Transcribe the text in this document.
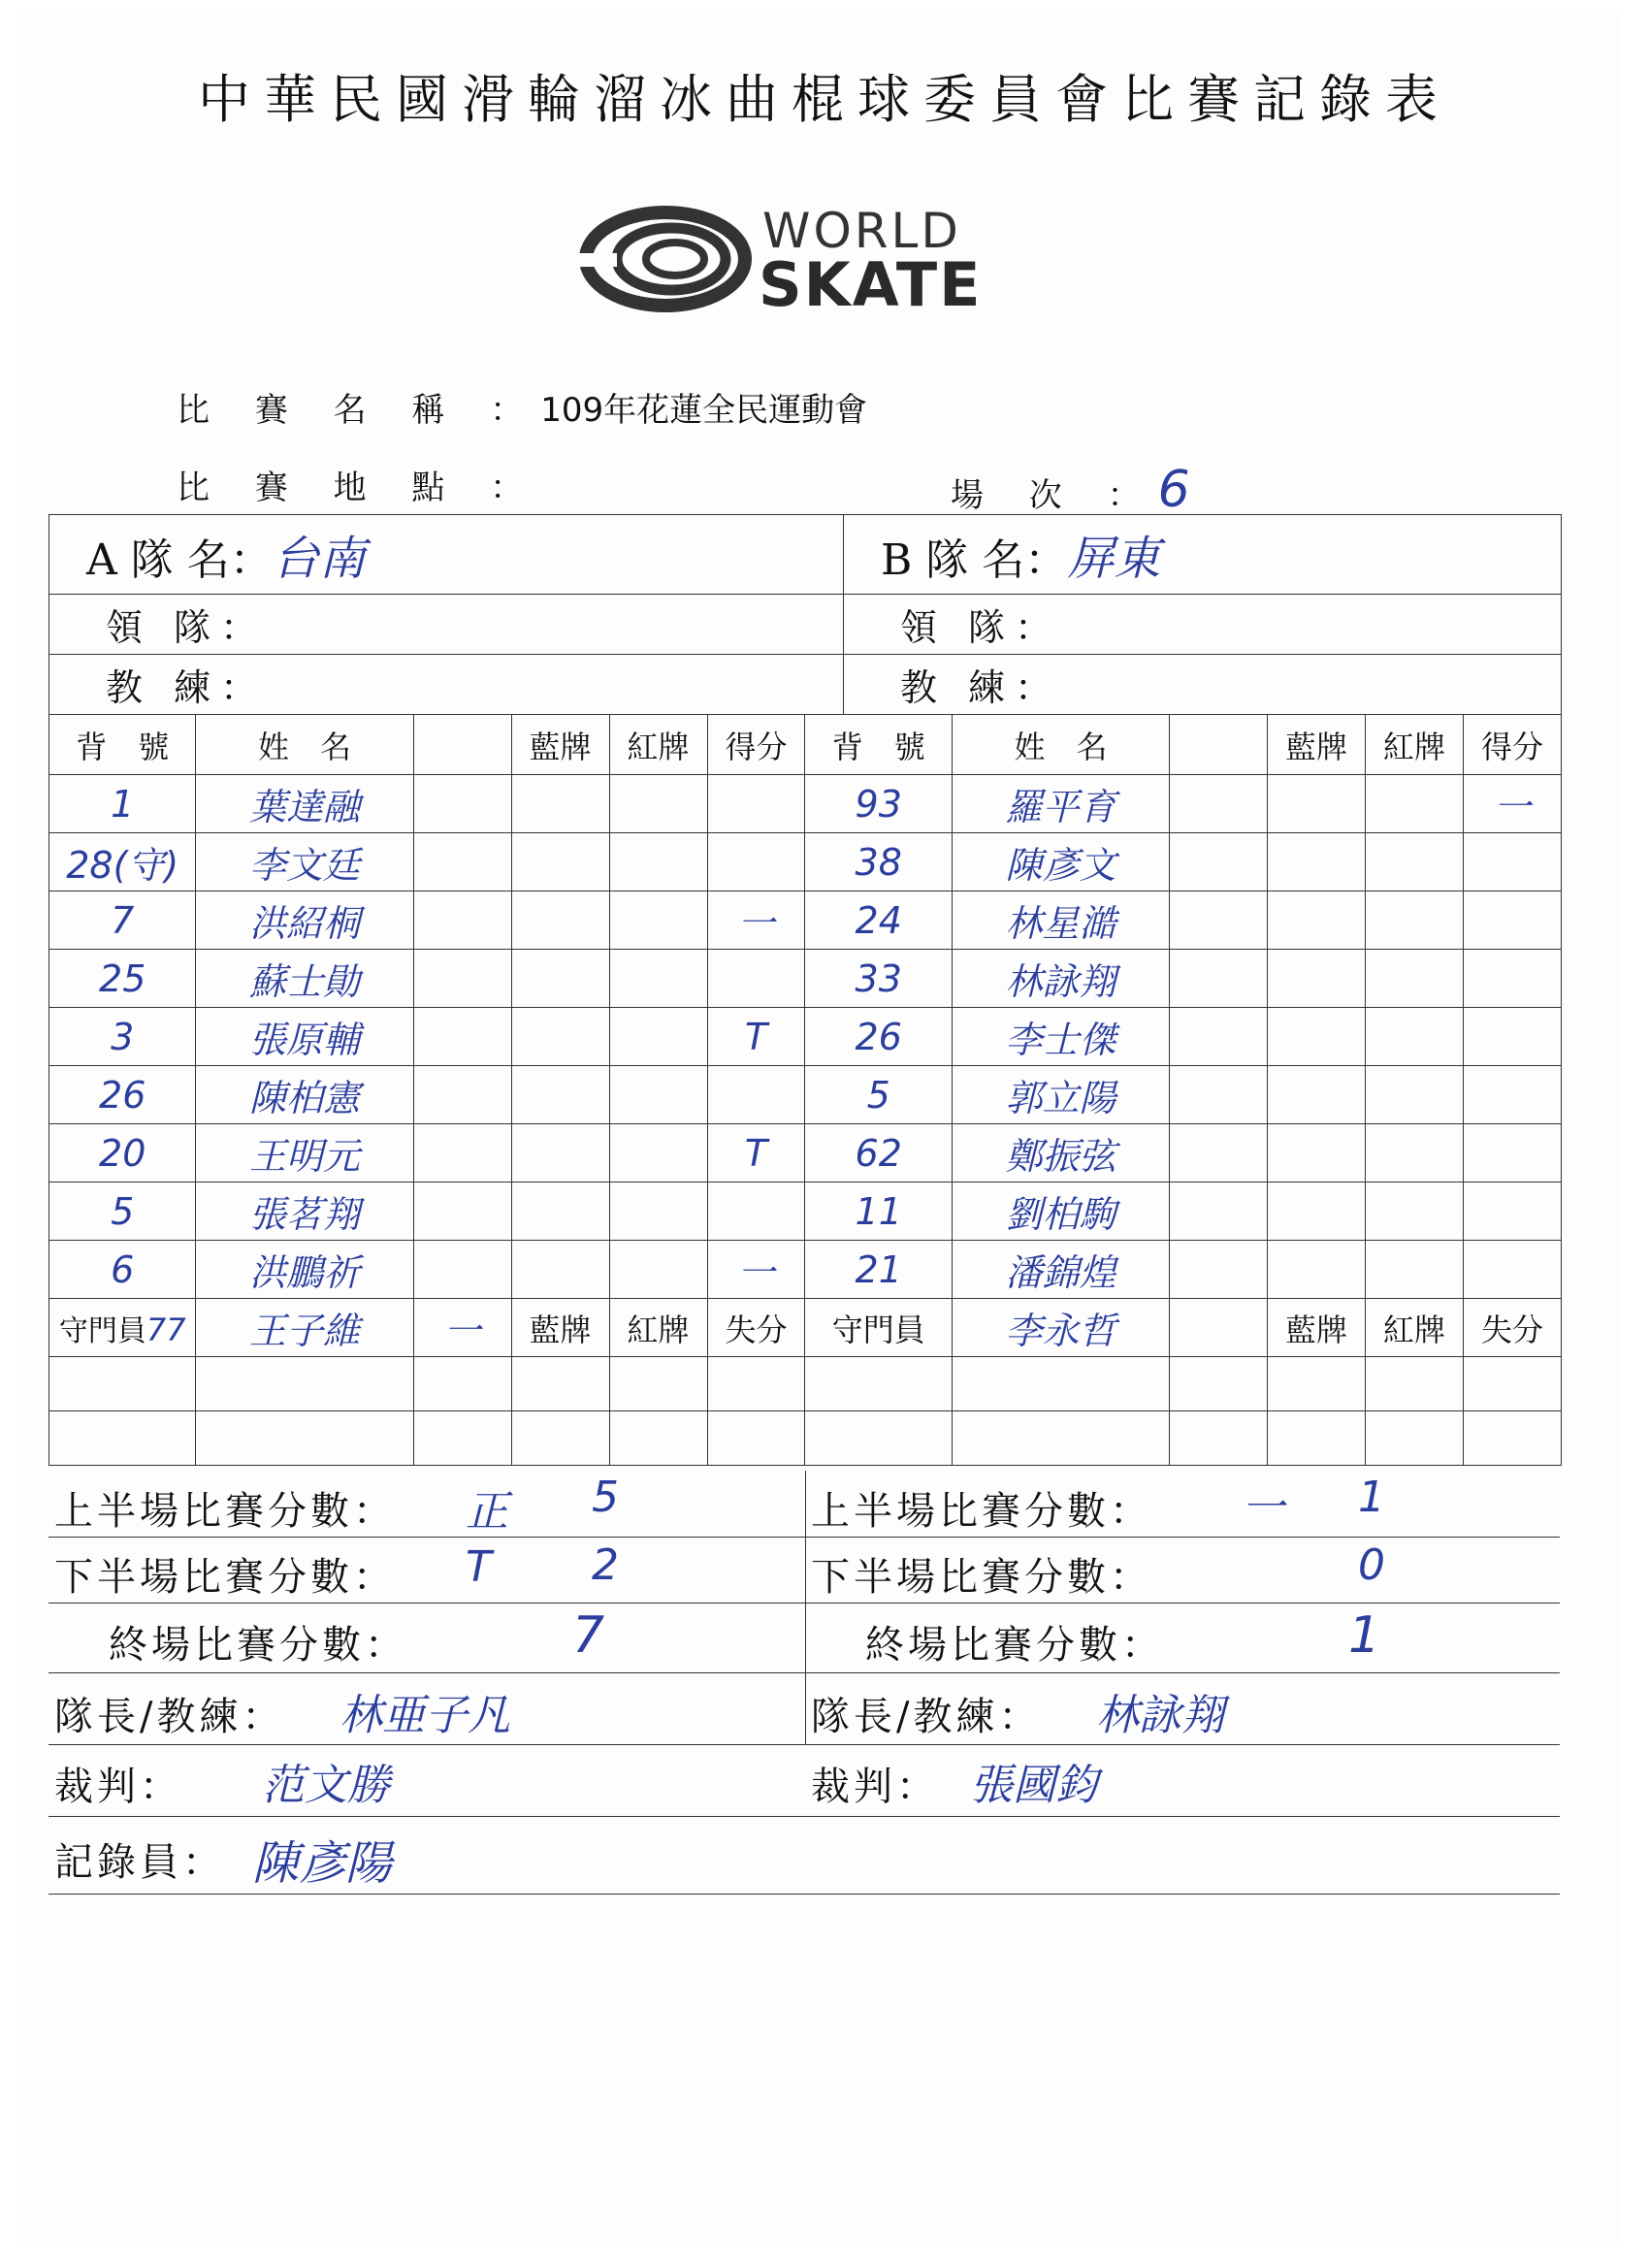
中華民國滑輪溜冰曲棍球委員會比賽記錄表
WORLD
SKATE
比 賽 名 稱 ：109年花蓮全民運動會
比 賽 地 點 ：	場 次 ：6
A 隊 名：台南	B 隊 名：屏東
領 隊：	領 隊：
教 練：	教 練：
背　號	姓　名		藍牌	紅牌	得分	背　號	姓　名		藍牌	紅牌	得分
1	葉達融					93	羅平育				一
28(守)	李文廷					38	陳彥文				
7	洪紹桐				一	24	林星澔				
25	蘇士勛					33	林詠翔				
3	張原輔				T	26	李士傑				
26	陳柏憲					5	郭立陽				
20	王明元				T	62	鄭振弦				
5	張茗翔					11	劉柏駒				
6	洪鵬祈				一	21	潘錦煌				
守門員77	王子維	一	藍牌	紅牌	失分	守門員	李永哲		藍牌	紅牌	失分

上半場比賽分數： 正 5	上半場比賽分數： 一 1
下半場比賽分數： T 2	下半場比賽分數：	0
終場比賽分數：	7	終場比賽分數：	1
隊長/教練： 林亜子凡	隊長/教練： 林詠翔
裁判： 范文勝	裁判： 張國鈞
記錄員： 陳彥陽
